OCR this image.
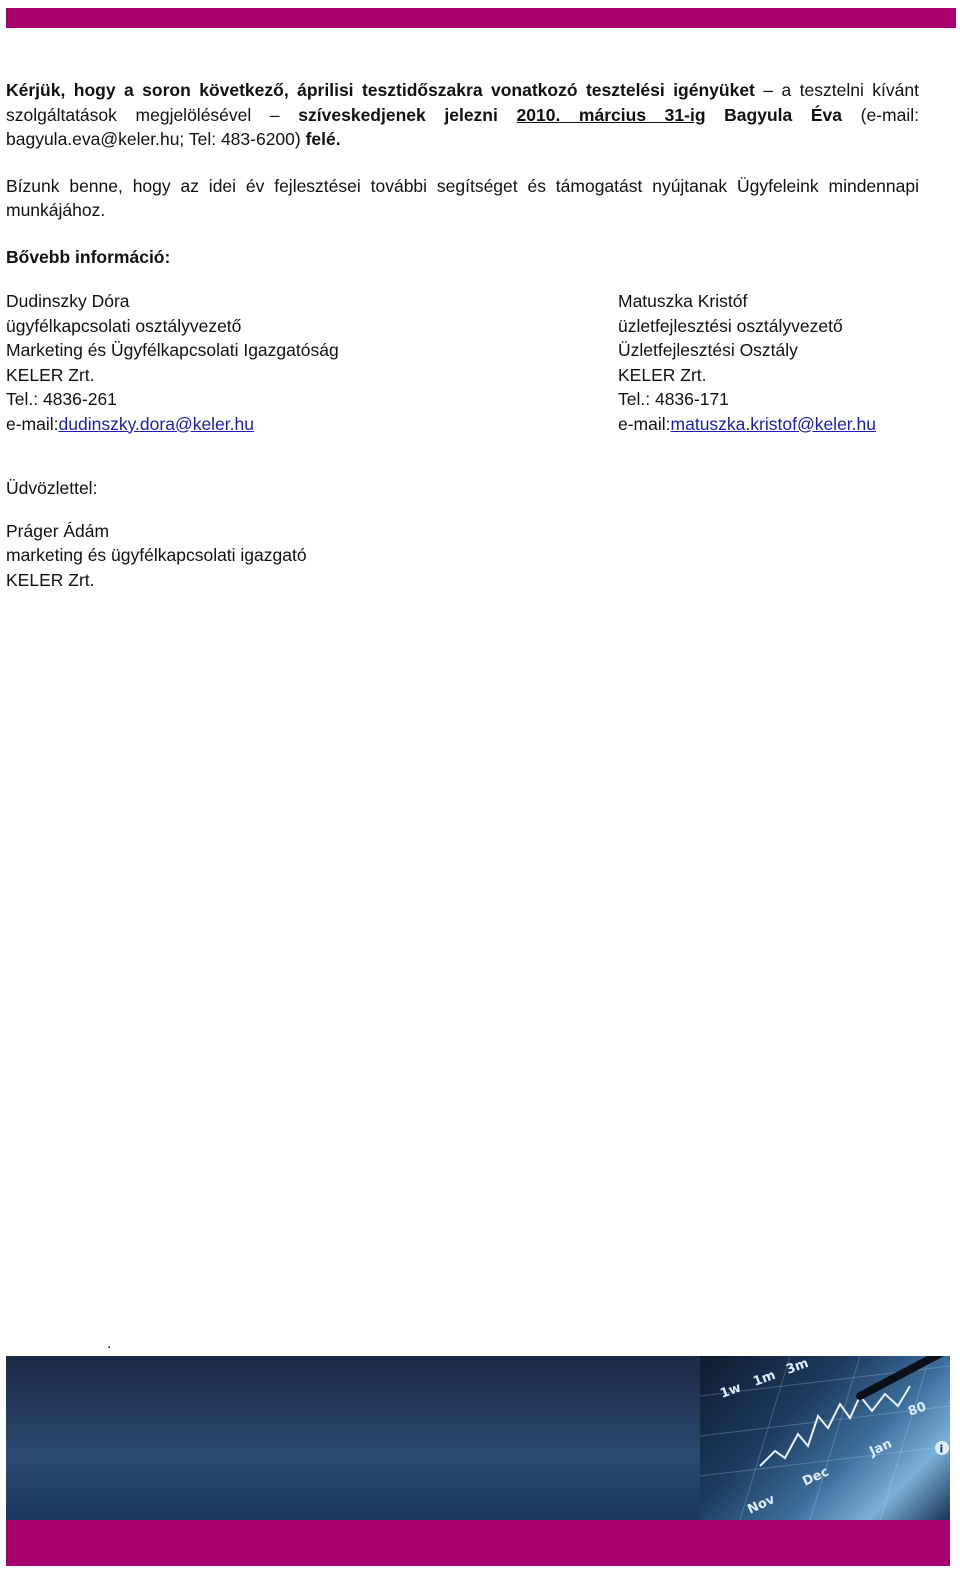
Kérjük, hogy a soron következő, áprilisi tesztidőszakra vonatkozó tesztelési igényüket – a tesztelni kívánt szolgáltatások megjelölésével – szíveskedjenek jelezni 2010. március 31-ig Bagyula Éva (e-mail: bagyula.eva@keler.hu; Tel: 483-6200) felé.

Bízunk benne, hogy az idei év fejlesztései további segítséget és támogatást nyújtanak Ügyfeleink mindennapi munkájához.

Bővebb információ:

Dudinszky Dóra

ügyfélkapcsolati osztályvezető

Marketing és Ügyfélkapcsolati Igazgatóság

KELER Zrt.

Tel.: 4836-261

e-mail:dudinszky.dora@keler.hu

Matuszka Kristóf

üzletfejlesztési osztályvezető

Üzletfejlesztési Osztály

KELER Zrt.

Tel.: 4836-171

e-mail:matuszka.kristof@keler.hu

Üdvözlettel:

Práger Ádám

marketing és ügyfélkapcsolati igazgató

KELER Zrt.

.
1w
1m
3m
80
Jan
Dec
Nov
i
